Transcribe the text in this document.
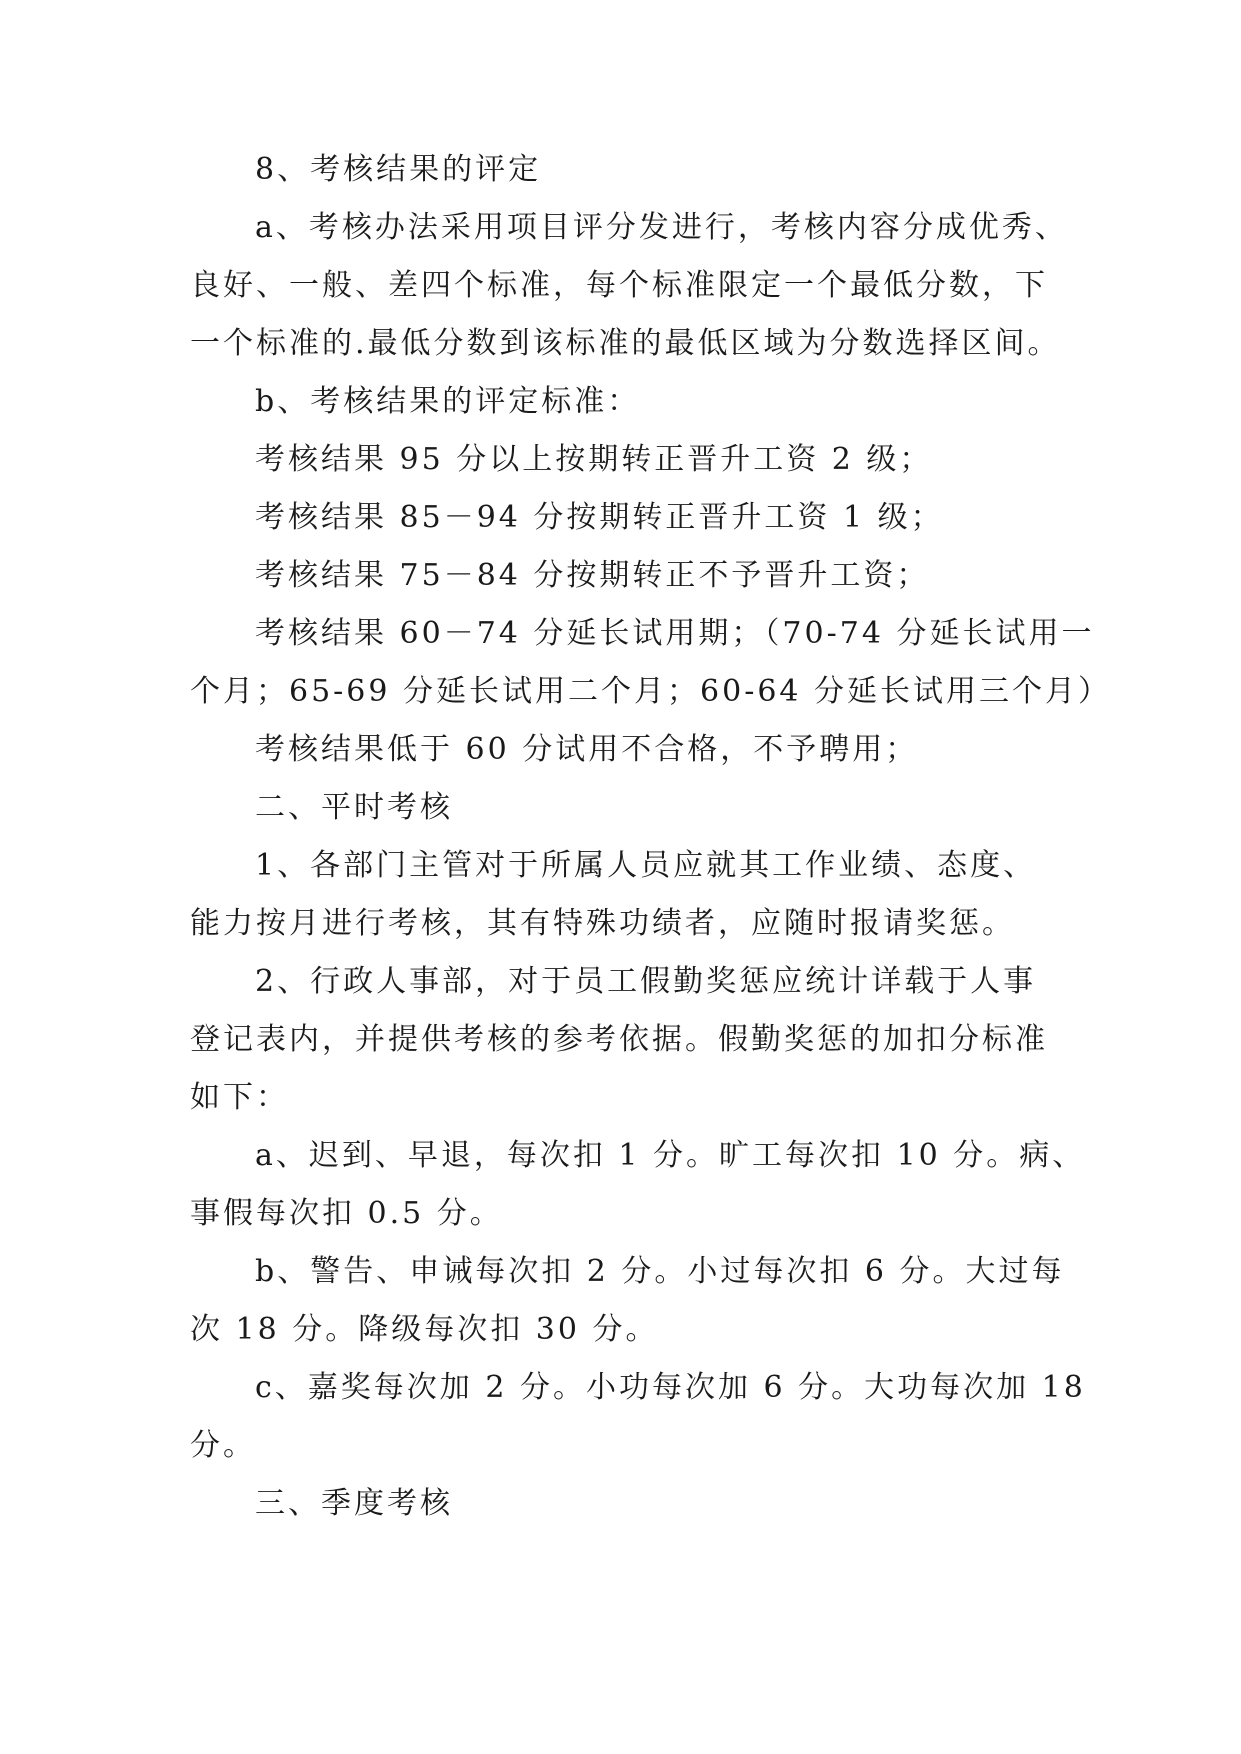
8、考核结果的评定
a、考核办法采用项目评分发进行，考核内容分成优秀、
良好、一般、差四个标准，每个标准限定一个最低分数，下
一个标准的.最低分数到该标准的最低区域为分数选择区间。
b、考核结果的评定标准：
考核结果 95 分以上按期转正晋升工资 2 级；
考核结果 85－94 分按期转正晋升工资 1 级；
考核结果 75－84 分按期转正不予晋升工资；
考核结果 60－74 分延长试用期；（70-74 分延长试用一
个月；65-69 分延长试用二个月；60-64 分延长试用三个月）
考核结果低于 60 分试用不合格，不予聘用；
二、平时考核
1、各部门主管对于所属人员应就其工作业绩、态度、
能力按月进行考核，其有特殊功绩者，应随时报请奖惩。
2、行政人事部，对于员工假勤奖惩应统计详载于人事
登记表内，并提供考核的参考依据。假勤奖惩的加扣分标准
如下：
a、迟到、早退，每次扣 1 分。旷工每次扣 10 分。病、
事假每次扣 0.5 分。
b、警告、申诫每次扣 2 分。小过每次扣 6 分。大过每
次 18 分。降级每次扣 30 分。
c、嘉奖每次加 2 分。小功每次加 6 分。大功每次加 18
分。
三、季度考核
